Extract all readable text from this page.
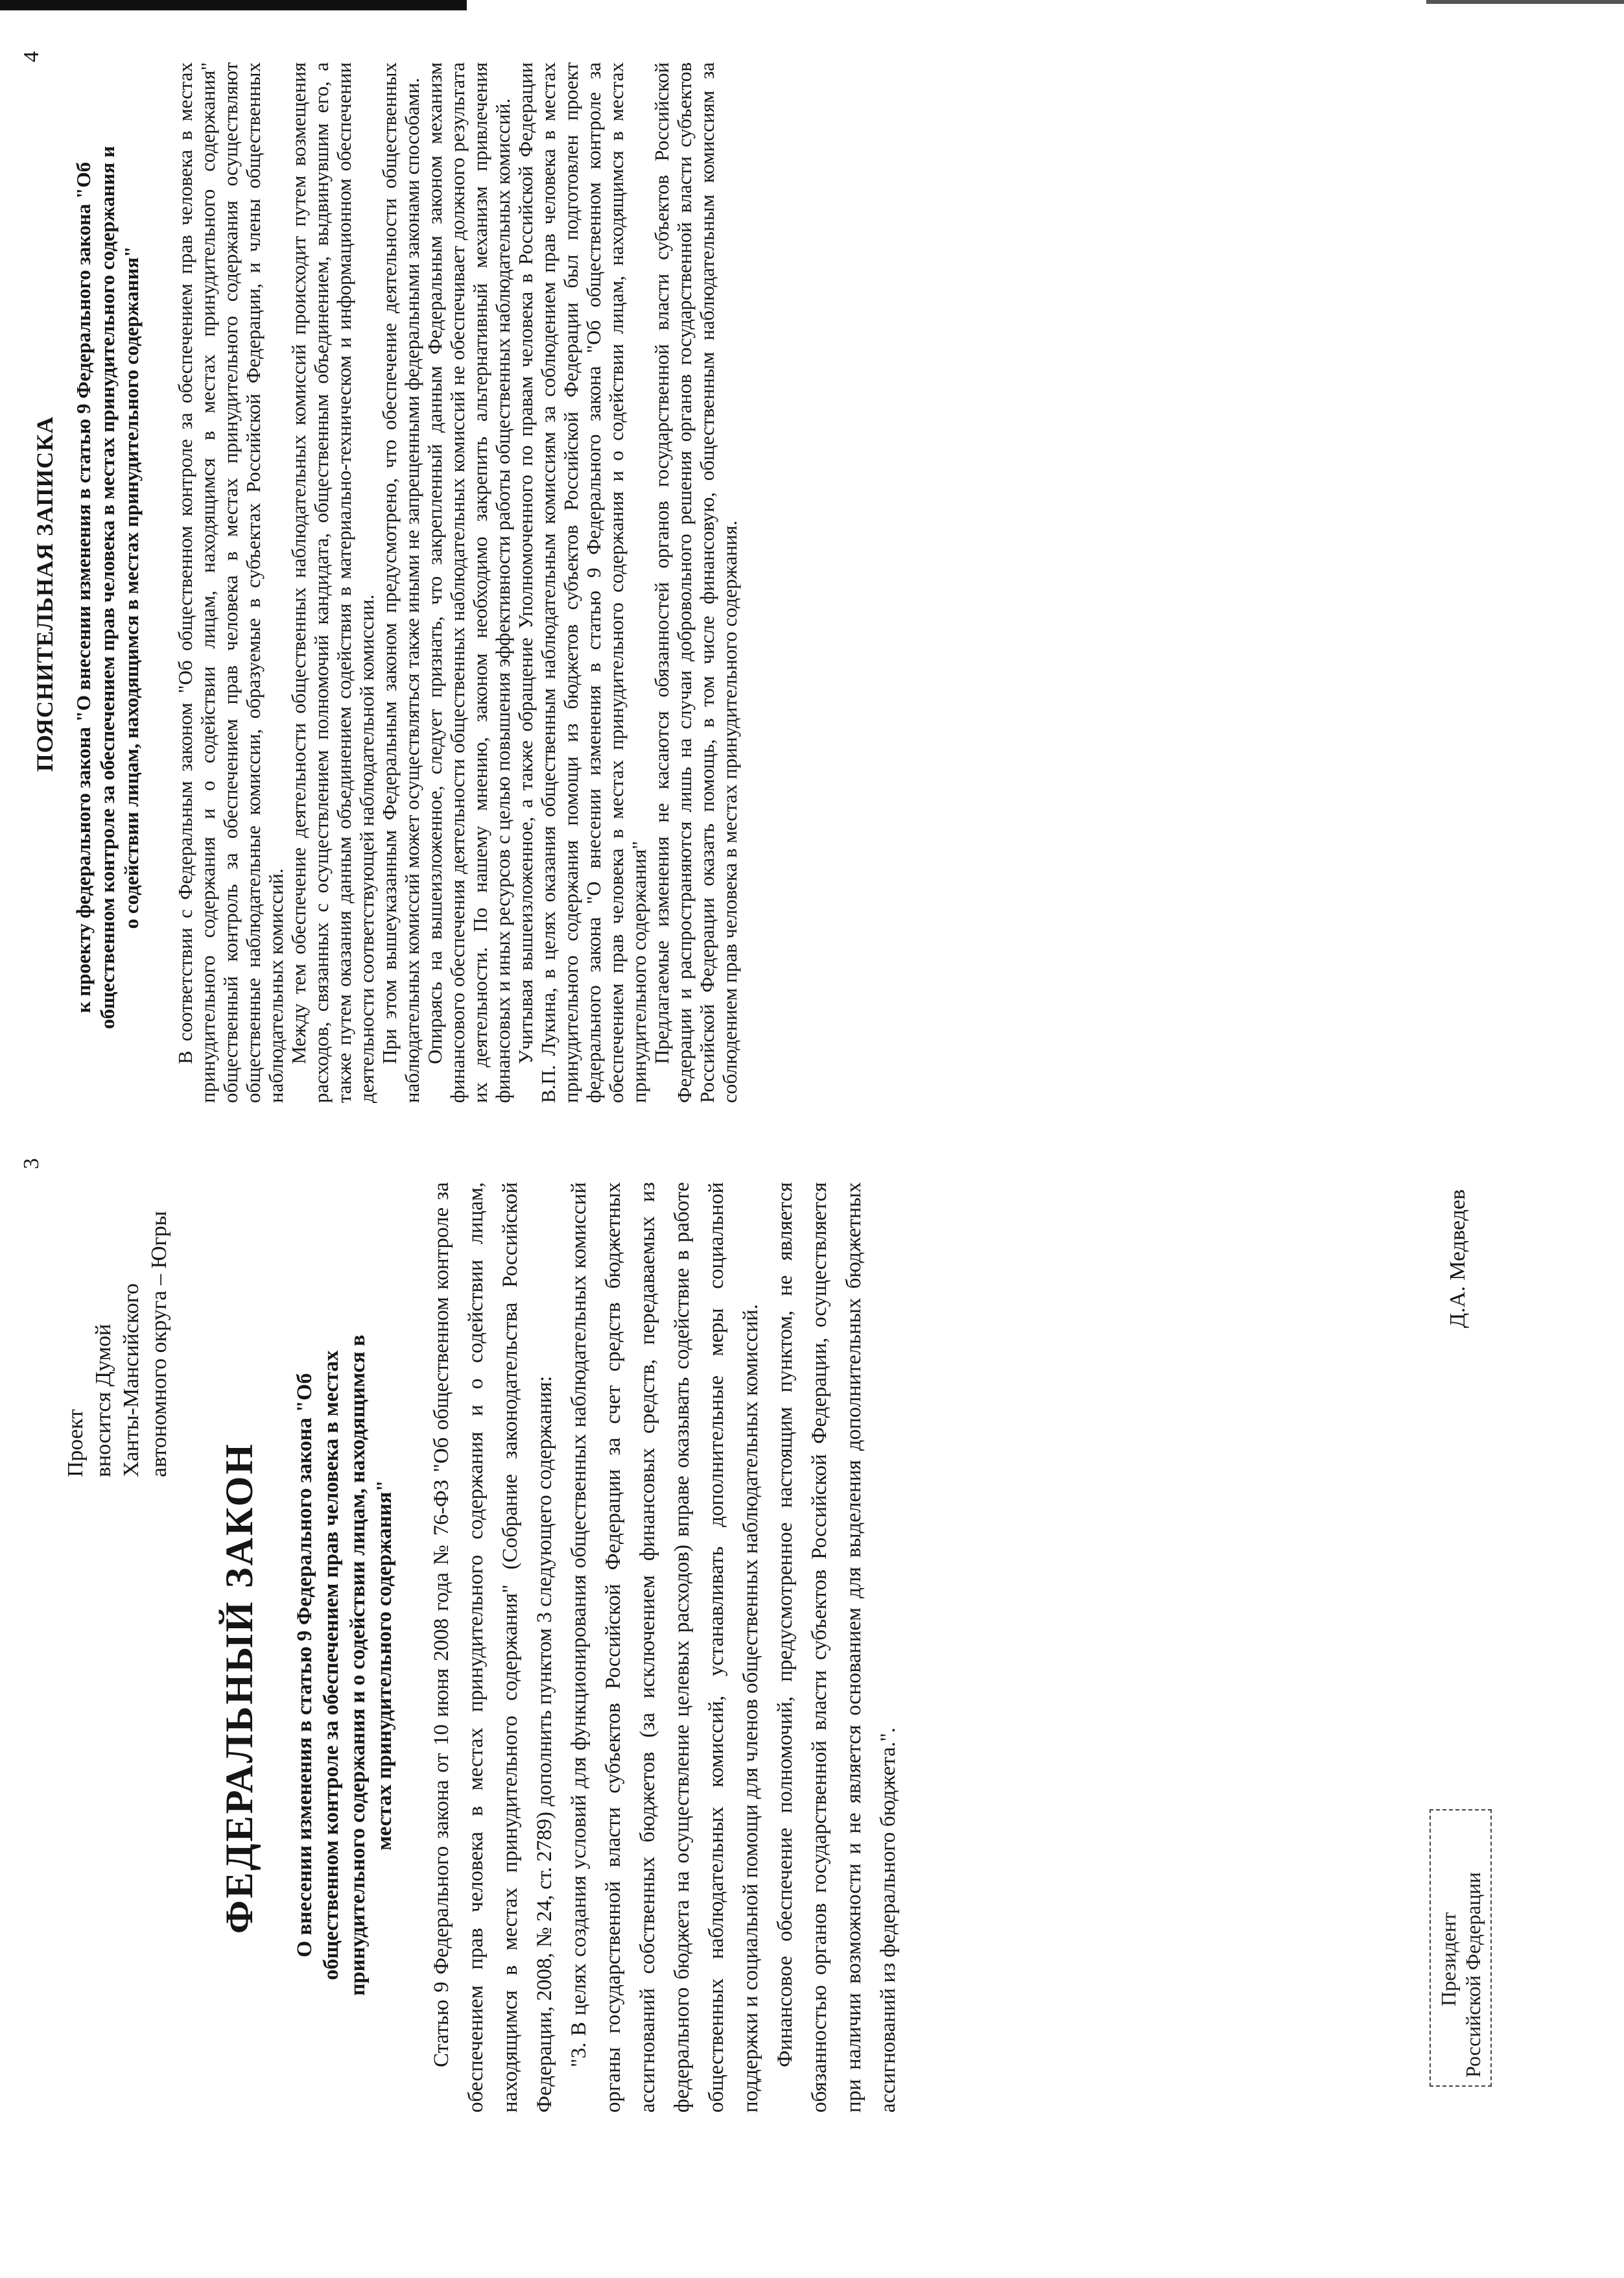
3
Проект вносится Думой Ханты-Мансийского автономного округа – Югры
ФЕДЕРАЛЬНЫЙ ЗАКОН О внесении изменения в статью 9 Федерального закона "Об общественном контроле за обеспечением прав человека в местах принудительного содержания и о содействии лицам, находящимся в местах принудительного содержания" Статью 9 Федерального закона от 10 июня 2008 года № 76-ФЗ "Об общественном контроле за обеспечением прав человека в местах принудительного содержания и о содействии лицам, находящимся в местах принудительного содержания" (Собрание законодательства Российской Федерации, 2008, № 24, ст. 2789) дополнить пунктом 3 следующего содержания: "3. В целях создания условий для функционирования общественных наблюдательных комиссий органы государственной власти субъектов Российской Федерации за счет средств бюджетных ассигнований собственных бюджетов (за исключением финансовых средств, передаваемых из федерального бюджета на осуществление целевых расходов) вправе оказывать содействие в работе общественных наблюдательных комиссий, устанавливать дополнительные меры социальной поддержки и социальной помощи для членов общественных наблюдательных комиссий. Финансовое обеспечение полномочий, предусмотренное настоящим пунктом, не является обязанностью органов государственной власти субъектов Российской Федерации, осуществляется при наличии возможности и не является основанием для выделения дополнительных бюджетных ассигнований из федерального бюджета.".	Президент Российской Федерации
Д.А. Медведев
4
ПОЯСНИТЕЛЬНАЯ ЗАПИСКА к проекту федерального закона "О внесении изменения в статью 9 Федерального закона "Об общественном контроле за обеспечением прав человека в местах принудительного содержания и о содействии лицам, находящимся в местах принудительного содержания" В соответствии с Федеральным законом "Об общественном контроле за обеспечением прав человека в местах принудительного содержания и о содействии лицам, находящимся в местах принудительного содержания" общественный контроль за обеспечением прав человека в местах принудительного содержания осуществляют общественные наблюдательные комиссии, образуемые в субъектах Российской Федерации, и члены общественных наблюдательных комиссий. Между тем обеспечение деятельности общественных наблюдательных комиссий происходит путем возмещения расходов, связанных с осуществлением полномочий кандидата, общественным объединением, выдвинувшим его, а также путем оказания данным объединением содействия в материально-техническом и информационном обеспечении деятельности соответствующей наблюдательной комиссии. При этом вышеуказанным Федеральным законом предусмотрено, что обеспечение деятельности общественных наблюдательных комиссий может осуществляться также иными не запрещенными федеральными законами способами. Опираясь на вышеизложенное, следует признать, что закрепленный данным Федеральным законом механизм финансового обеспечения деятельности общественных наблюдательных комиссий не обеспечивает должного результата их деятельности. По нашему мнению, законом необходимо закрепить альтернативный механизм привлечения финансовых и иных ресурсов с целью повышения эффективности работы общественных наблюдательных комиссий. Учитывая вышеизложенное, а также обращение Уполномоченного по правам человека в Российской Федерации В.П. Лукина, в целях оказания общественным наблюдательным комиссиям за соблюдением прав человека в местах принудительного содержания помощи из бюджетов субъектов Российской Федерации был подготовлен проект федерального закона "О внесении изменения в статью 9 Федерального закона "Об общественном контроле за обеспечением прав человека в местах принудительного содержания и о содействии лицам, находящимся в местах принудительного содержания" Предлагаемые изменения не касаются обязанностей органов государственной власти субъектов Российской Федерации и распространяются лишь на случаи добровольного решения органов государственной власти субъектов Российской Федерации оказать помощь, в том числе финансовую, общественным наблюдательным комиссиям за соблюдением прав человека в местах принудительного содержания.
